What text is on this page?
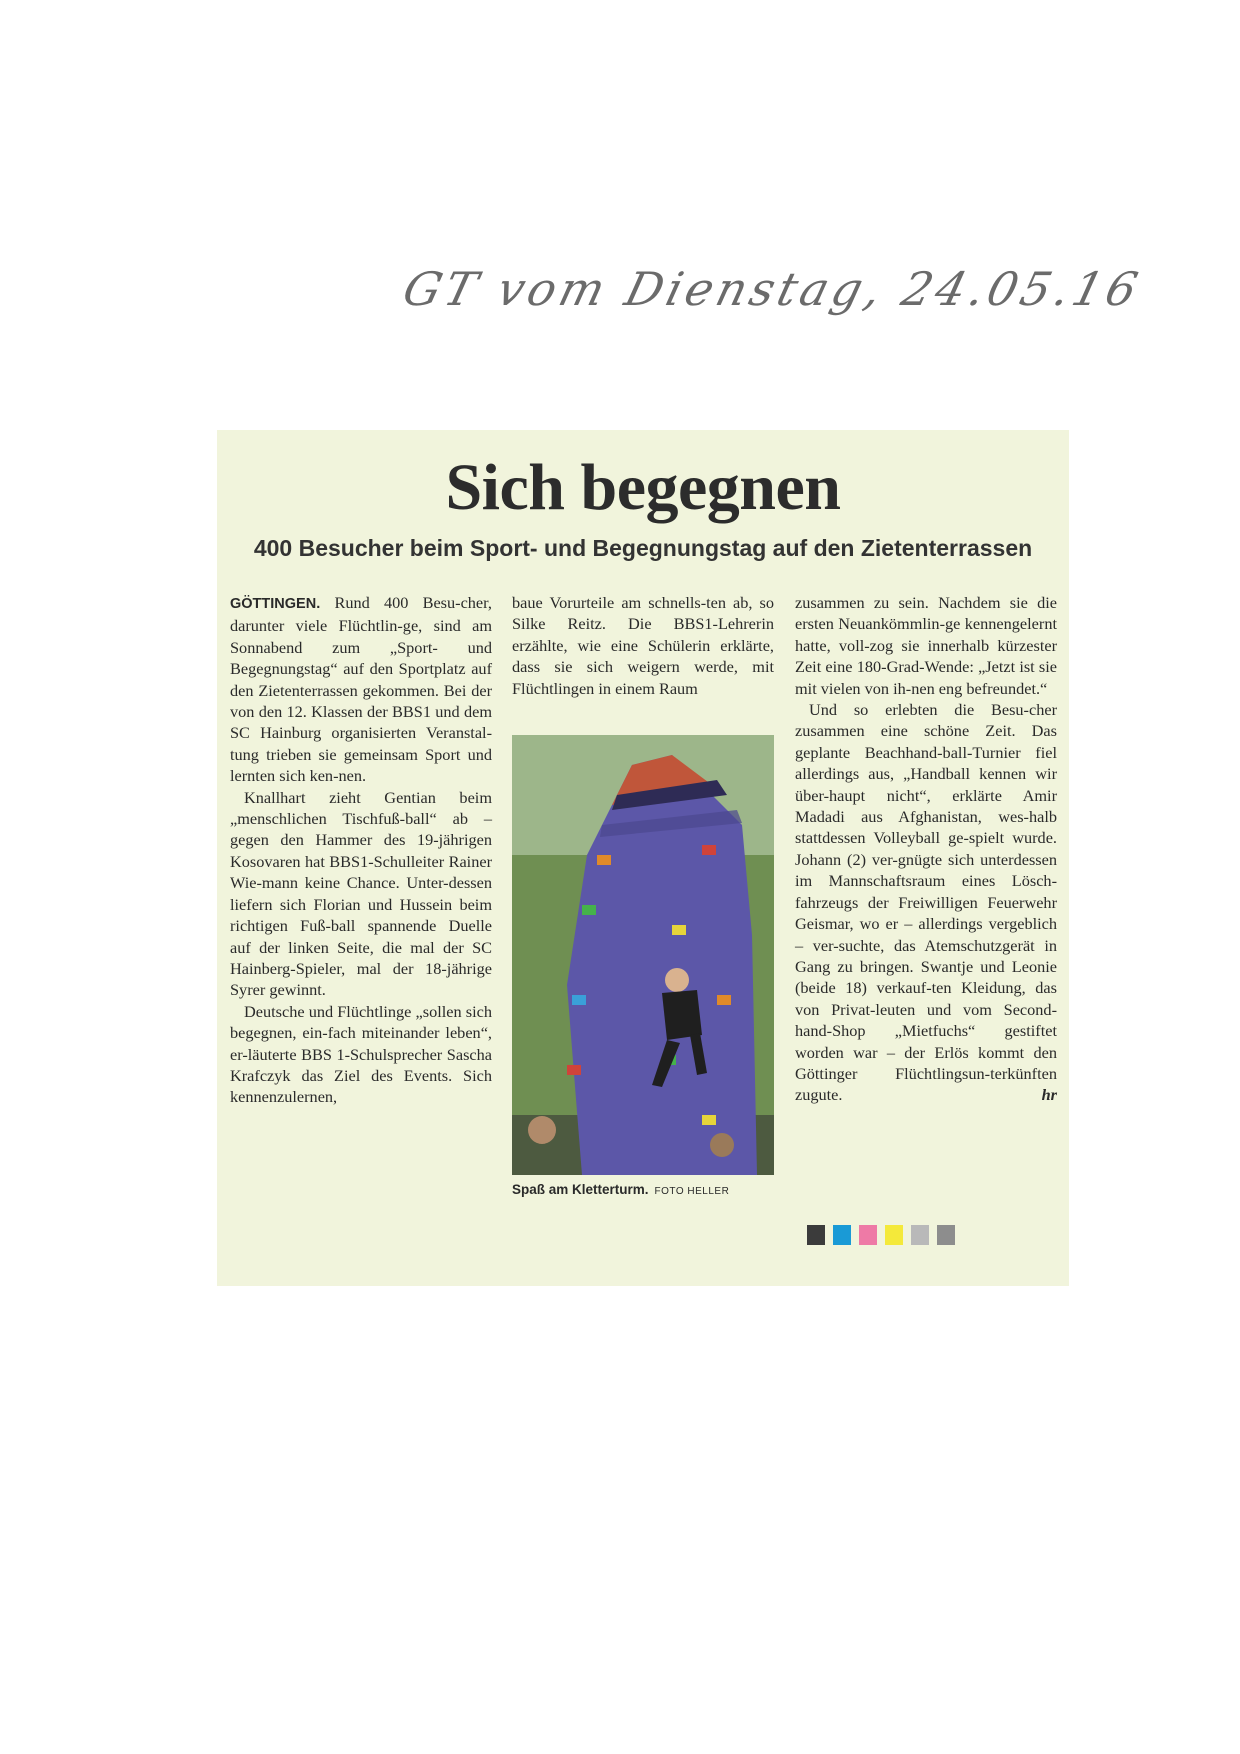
GT vom Dienstag, 24.05.16
Sich begegnen
400 Besucher beim Sport- und Begegnungstag auf den Zietenterrassen

GÖTTINGEN. Rund 400 Besu-cher, darunter viele Flüchtlin-ge, sind am Sonnabend zum „Sport- und Begegnungstag“ auf den Sportplatz auf den Zietenterrassen gekommen. Bei der von den 12. Klassen der BBS1 und dem SC Hainburg organisierten Veranstal-tung trieben sie gemeinsam Sport und lernten sich ken-nen.

Knallhart zieht Gentian beim „menschlichen Tischfuß-ball“ ab – gegen den Hammer des 19-jährigen Kosovaren hat BBS1-Schulleiter Rainer Wie-mann keine Chance. Unter-dessen liefern sich Florian und Hussein beim richtigen Fuß-ball spannende Duelle auf der linken Seite, die mal der SC Hainberg-Spieler, mal der 18-jährige Syrer gewinnt.

Deutsche und Flüchtlinge „sollen sich begegnen, ein-fach miteinander leben“, er-läuterte BBS 1-Schulsprecher Sascha Krafczyk das Ziel des Events. Sich kennenzulernen,

baue Vorurteile am schnells-ten ab, so Silke Reitz. Die BBS1-Lehrerin erzählte, wie eine Schülerin erklärte, dass sie sich weigern werde, mit Flüchtlingen in einem Raum

Spaß am Kletterturm. FOTO HELLER

zusammen zu sein. Nachdem sie die ersten Neuankömmlin-ge kennengelernt hatte, voll-zog sie innerhalb kürzester Zeit eine 180-Grad-Wende: „Jetzt ist sie mit vielen von ih-nen eng befreundet.“

Und so erlebten die Besu-cher zusammen eine schöne Zeit. Das geplante Beachhand-ball-Turnier fiel allerdings aus, „Handball kennen wir über-haupt nicht“, erklärte Amir Madadi aus Afghanistan, wes-halb stattdessen Volleyball ge-spielt wurde. Johann (2) ver-gnügte sich unterdessen im Mannschaftsraum eines Lösch-fahrzeugs der Freiwilligen Feuerwehr Geismar, wo er – allerdings vergeblich – ver-suchte, das Atemschutzgerät in Gang zu bringen. Swantje und Leonie (beide 18) verkauf-ten Kleidung, das von Privat-leuten und vom Second-hand-Shop „Mietfuchs“ gestiftet worden war – der Erlös kommt den Göttinger Flüchtlingsun-terkünften zugute.	hr
